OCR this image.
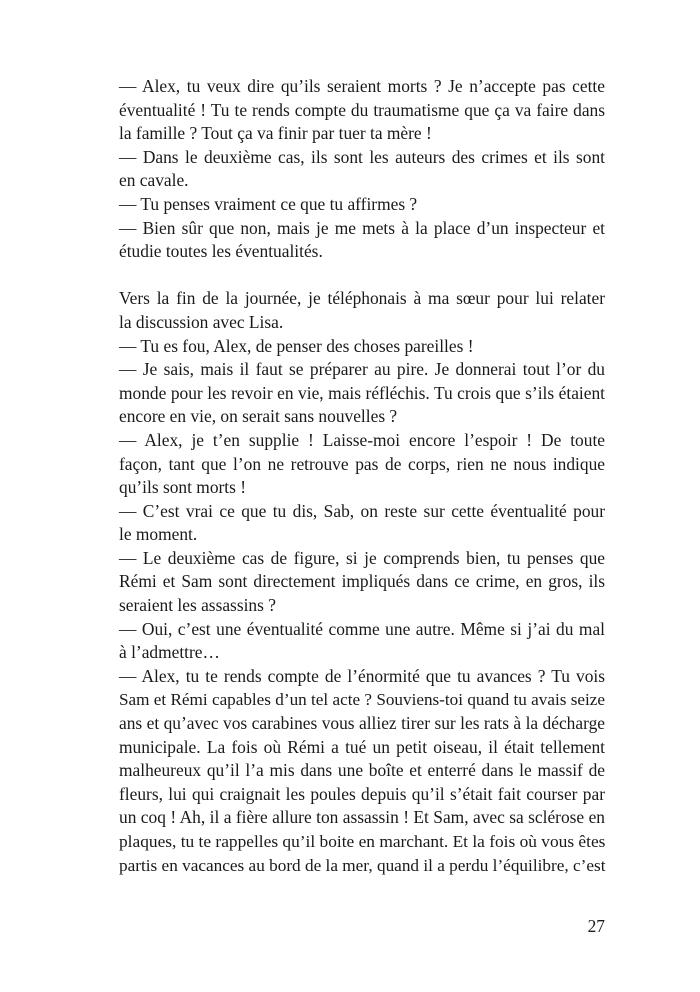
— Alex, tu veux dire qu’ils seraient morts ? Je n’accepte pas cette
éventualité ! Tu te rends compte du traumatisme que ça va faire dans
la famille ? Tout ça va finir par tuer ta mère !
— Dans le deuxième cas, ils sont les auteurs des crimes et ils sont
en cavale.
— Tu penses vraiment ce que tu affirmes ?
— Bien sûr que non, mais je me mets à la place d’un inspecteur et
étudie toutes les éventualités.
Vers la fin de la journée, je téléphonais à ma sœur pour lui relater
la discussion avec Lisa.
— Tu es fou, Alex, de penser des choses pareilles !
— Je sais, mais il faut se préparer au pire. Je donnerai tout l’or du
monde pour les revoir en vie, mais réfléchis. Tu crois que s’ils étaient
encore en vie, on serait sans nouvelles ?
— Alex, je t’en supplie ! Laisse-moi encore l’espoir ! De toute
façon, tant que l’on ne retrouve pas de corps, rien ne nous indique
qu’ils sont morts !
— C’est vrai ce que tu dis, Sab, on reste sur cette éventualité pour
le moment.
— Le deuxième cas de figure, si je comprends bien, tu penses que
Rémi et Sam sont directement impliqués dans ce crime, en gros, ils
seraient les assassins ?
— Oui, c’est une éventualité comme une autre. Même si j’ai du mal
à l’admettre…
— Alex, tu te rends compte de l’énormité que tu avances ? Tu vois
Sam et Rémi capables d’un tel acte ? Souviens-toi quand tu avais seize
ans et qu’avec vos carabines vous alliez tirer sur les rats à la décharge
municipale. La fois où Rémi a tué un petit oiseau, il était tellement
malheureux qu’il l’a mis dans une boîte et enterré dans le massif de
fleurs, lui qui craignait les poules depuis qu’il s’était fait courser par
un coq ! Ah, il a fière allure ton assassin ! Et Sam, avec sa sclérose en
plaques, tu te rappelles qu’il boite en marchant. Et la fois où vous êtes
partis en vacances au bord de la mer, quand il a perdu l’équilibre, c’est
27
